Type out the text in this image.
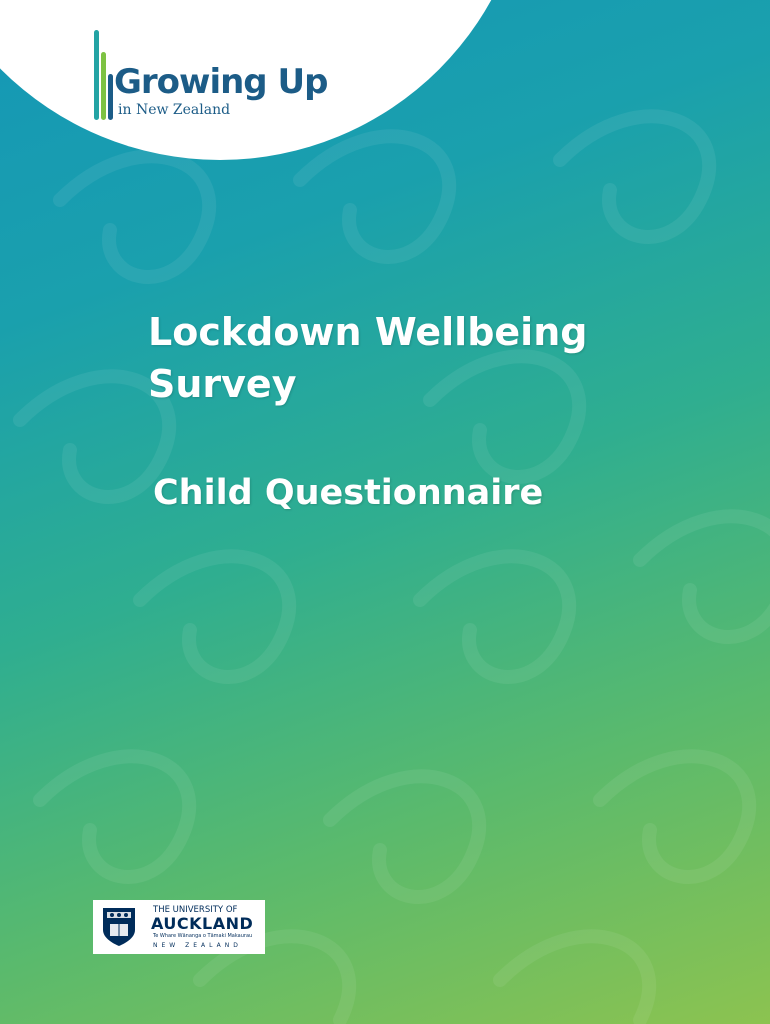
Growing Up
in New Zealand
Lockdown Wellbeing
Survey
Child Questionnaire
THE UNIVERSITY OF
AUCKLAND
Te Whare Wānanga o Tāmaki Makaurau
NEW ZEALAND
